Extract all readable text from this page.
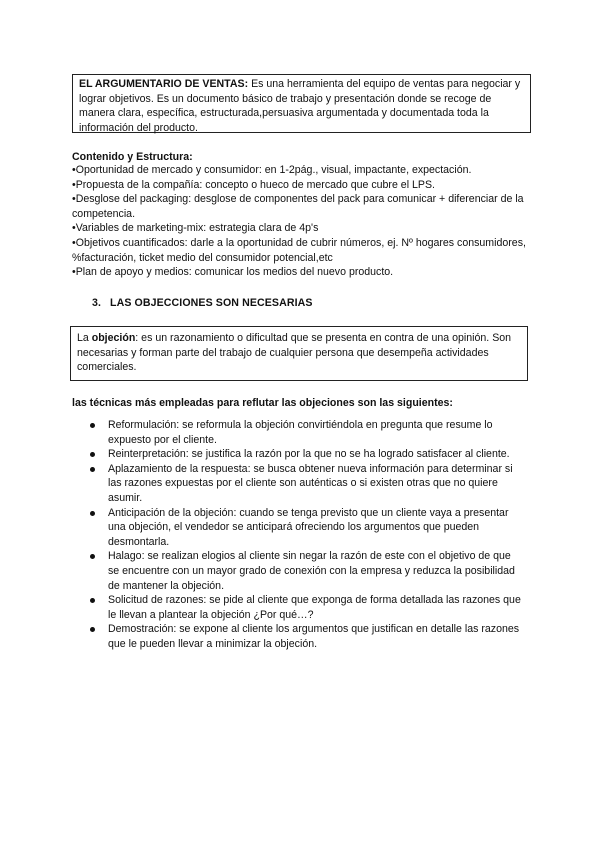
EL ARGUMENTARIO DE VENTAS: Es una herramienta del equipo de ventas para negociar y lograr objetivos. Es un documento básico de trabajo y presentación donde se recoge de manera clara, específica, estructurada,persuasiva argumentada y documentada toda la información del producto.
Contenido y Estructura:
•Oportunidad de mercado y consumidor: en 1-2pág., visual, impactante, expectación.
•Propuesta de la compañía: concepto o hueco de mercado que cubre el LPS.
•Desglose del packaging: desglose de componentes del pack para comunicar + diferenciar de la competencia.
•Variables de marketing-mix: estrategia clara de 4p's
•Objetivos cuantificados: darle a la oportunidad de cubrir números, ej. Nº hogares consumidores, %facturación, ticket medio del consumidor potencial,etc
•Plan de apoyo y medios: comunicar los medios del nuevo producto.
3. LAS OBJECCIONES SON NECESARIAS
La objeción: es un razonamiento o dificultad que se presenta en contra de una opinión. Son necesarias y forman parte del trabajo de cualquier persona que desempeña actividades comerciales.
las técnicas más empleadas para reflutar las objeciones son las siguientes:
Reformulación: se reformula la objeción convirtiéndola en pregunta que resume lo expuesto por el cliente.
Reinterpretación: se justifica la razón por la que no se ha logrado satisfacer al cliente.
Aplazamiento de la respuesta: se busca obtener nueva información para determinar si las razones expuestas por el cliente son auténticas o si existen otras que no quiere asumir.
Anticipación de la objeción: cuando se tenga previsto que un cliente vaya a presentar una objeción, el vendedor se anticipará ofreciendo los argumentos que pueden desmontarla.
Halago: se realizan elogios al cliente sin negar la razón de este con el objetivo de que se encuentre con un mayor grado de conexión con la empresa y reduzca la posibilidad de mantener la objeción.
Solicitud de razones: se pide al cliente que exponga de forma detallada las razones que le llevan a plantear la objeción ¿Por qué…?
Demostración: se expone al cliente los argumentos que justifican en detalle las razones que le pueden llevar a minimizar la objeción.
